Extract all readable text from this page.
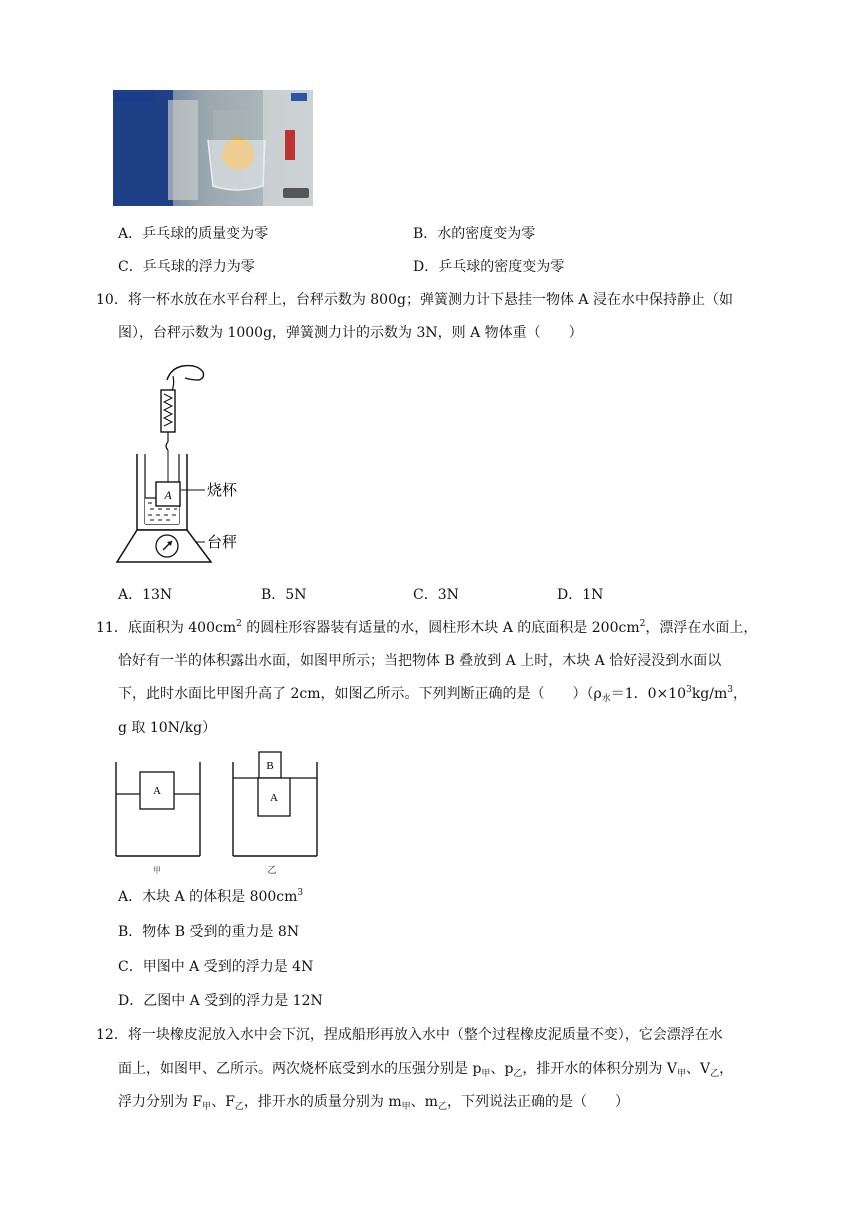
A．乒乓球的质量变为零	B．水的密度变为零
C．乒乓球的浮力为零	D．乒乓球的密度变为零
10．将一杯水放在水平台秤上，台秤示数为 800g；弹簧测力计下悬挂一物体 A 浸在水中保持静止（如
图），台秤示数为 1000g，弹簧测力计的示数为 3N，则 A 物体重（　　）
A 烧杯
台秤
A．13N	B．5N	C．3N	D．1N
11．底面积为 $400cm^2$ 的圆柱形容器装有适量的水，圆柱形木块 A 的底面积是 $200cm^2$，漂浮在水面上，
恰好有一半的体积露出水面，如图甲所示；当把物体 B 叠放到 A 上时，木块 A 恰好浸没到水面以
下，此时水面比甲图升高了 2cm，如图乙所示。下列判断正确的是（　　）（$\rho_水=1$．$0\times 10^3kg/m^3$，
g 取 10N/kg）
A
甲
B
A
乙
A．木块 A 的体积是 $800cm^3$
B．物体 B 受到的重力是 8N
C．甲图中 A 受到的浮力是 4N
D．乙图中 A 受到的浮力是 12N
12．将一块橡皮泥放入水中会下沉，捏成船形再放入水中（整个过程橡皮泥质量不变），它会漂浮在水
面上，如图甲、乙所示。两次烧杯底受到水的压强分别是 $p_甲$、$p_乙$，排开水的体积分别为 $V_甲$、$V_乙$，
浮力分别为 $F_甲$、$F_乙$，排开水的质量分别为 $m_甲$、$m_乙$，下列说法正确的是（　　）
